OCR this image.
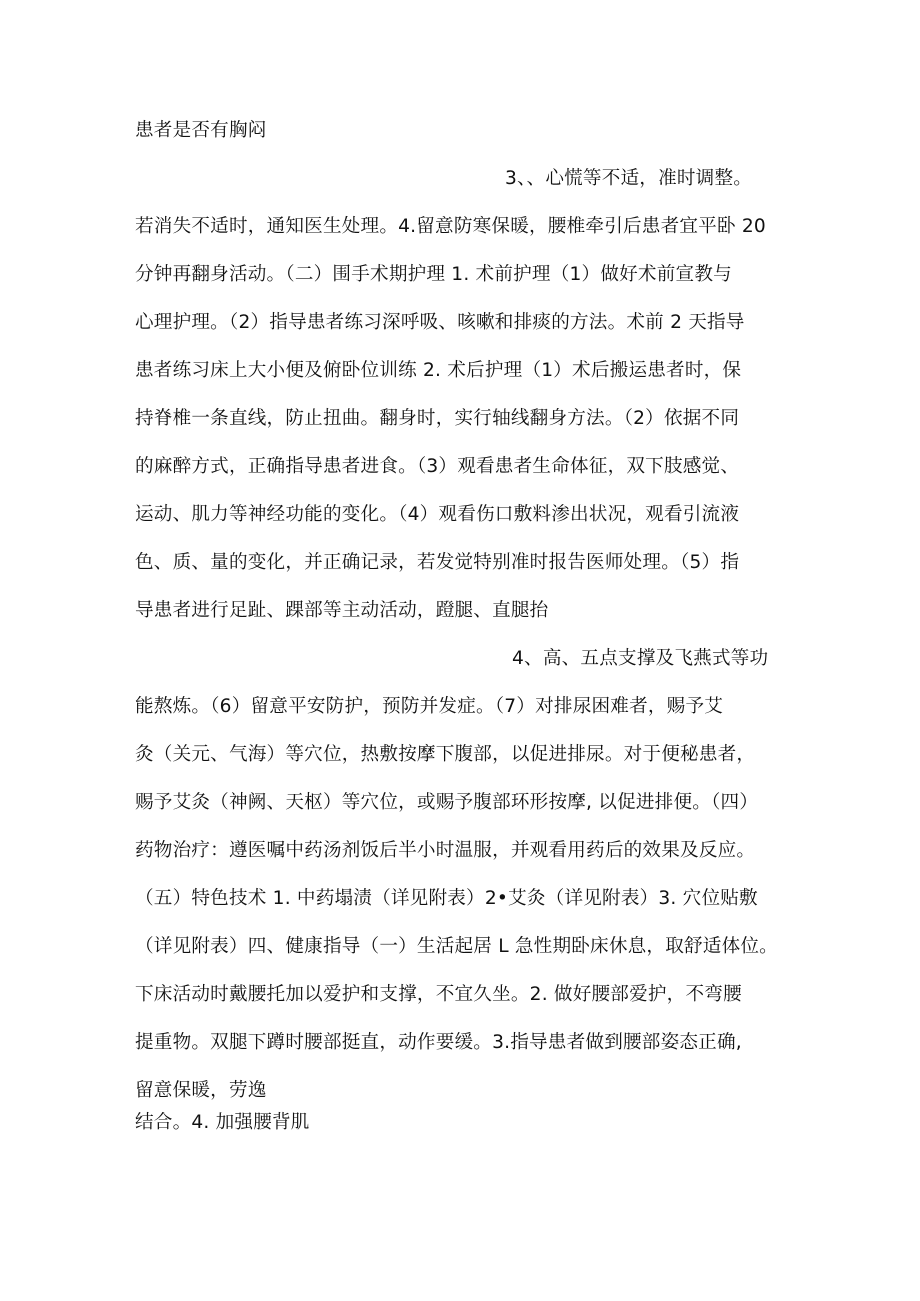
患者是否有胸闷
3、、心慌等不适，准时调整。
若消失不适时，通知医生处理。4.留意防寒保暖，腰椎牵引后患者宜平卧 20
分钟再翻身活动。（二）围手术期护理 1. 术前护理（1）做好术前宣教与
心理护理。（2）指导患者练习深呼吸、咳嗽和排痰的方法。术前 2 天指导
患者练习床上大小便及俯卧位训练 2. 术后护理（1）术后搬运患者时，保
持脊椎一条直线，防止扭曲。翻身时，实行轴线翻身方法。（2）依据不同
的麻醉方式，正确指导患者进食。（3）观看患者生命体征，双下肢感觉、
运动、肌力等神经功能的变化。（4）观看伤口敷料渗出状况，观看引流液
色、质、量的变化，并正确记录，若发觉特别准时报告医师处理。（5）指
导患者进行足趾、踝部等主动活动，蹬腿、直腿抬
4、高、五点支撑及飞燕式等功
能熬炼。（6）留意平安防护，预防并发症。（7）对排尿困难者，赐予艾
灸（关元、气海）等穴位，热敷按摩下腹部，以促进排尿。对于便秘患者，
赐予艾灸（神阙、天枢）等穴位，或赐予腹部环形按摩, 以促进排便。（四）
药物治疗：遵医嘱中药汤剂饭后半小时温服，并观看用药后的效果及反应。
（五）特色技术 1. 中药塌渍（详见附表）2•艾灸（详见附表）3. 穴位贴敷
（详见附表）四、健康指导（一）生活起居 L 急性期卧床休息，取舒适体位。
下床活动时戴腰托加以爱护和支撑，不宜久坐。2. 做好腰部爱护，不弯腰
提重物。双腿下蹲时腰部挺直，动作要缓。3.指导患者做到腰部姿态正确,
留意保暖，劳逸
结合。4. 加强腰背肌
